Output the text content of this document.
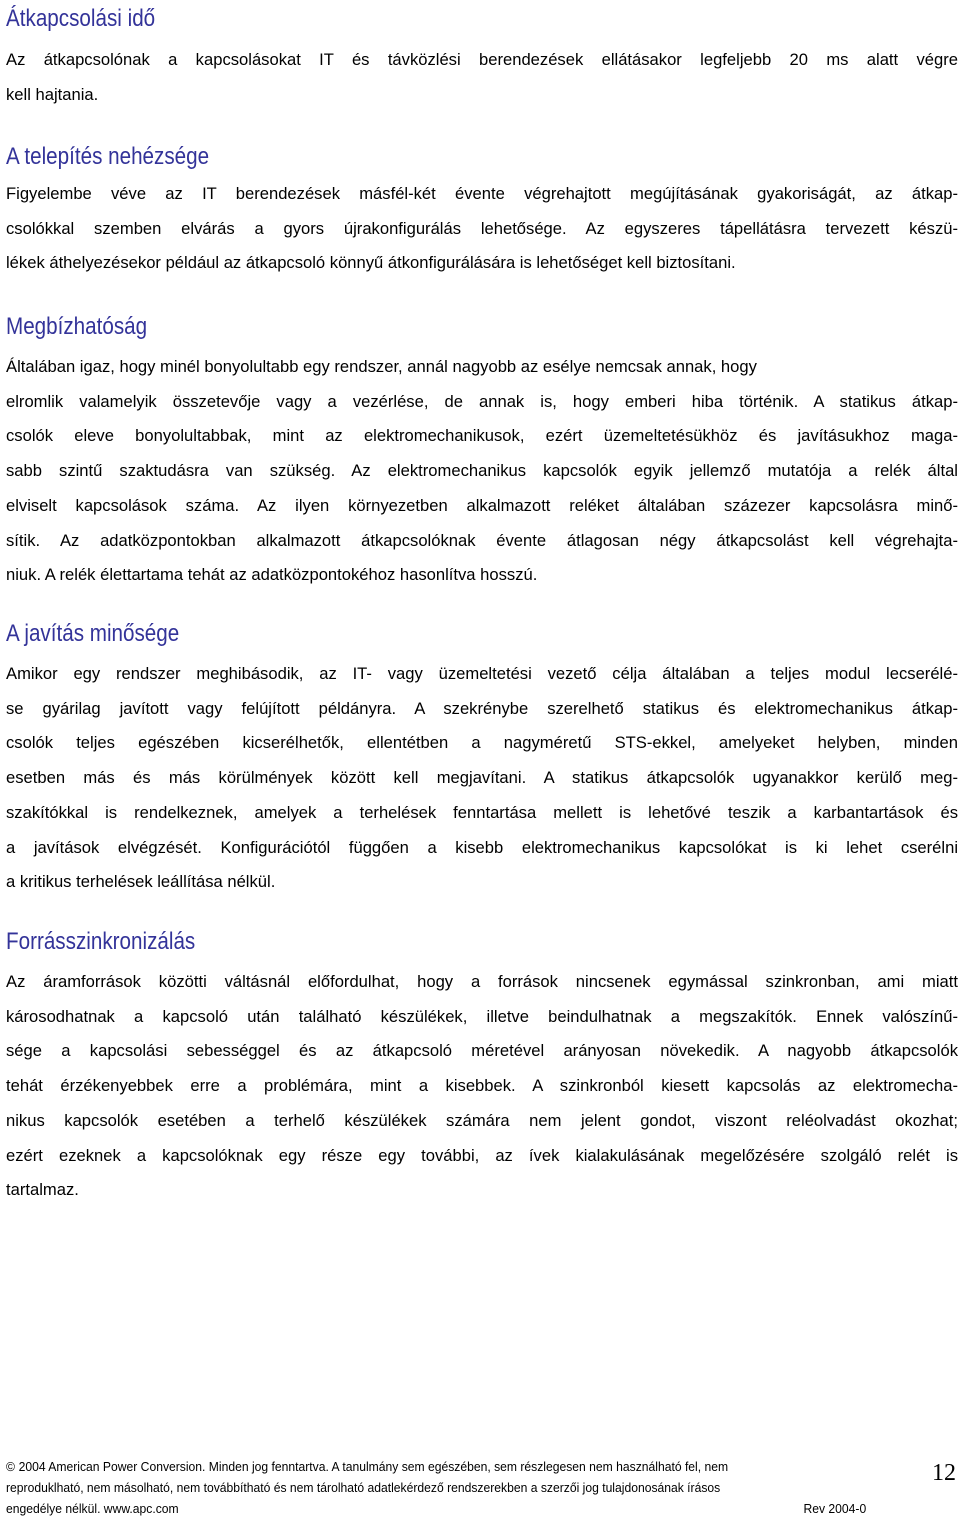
Átkapcsolási idő
Az átkapcsolónak a kapcsolásokat IT és távközlési berendezések ellátásakor legfeljebb 20 ms alatt végre
kell hajtania.
A telepítés nehézsége
Figyelembe véve az IT berendezések másfél-két évente végrehajtott megújításának gyakoriságát, az átkap-
csolókkal szemben elvárás a gyors újrakonfigurálás lehetősége. Az egyszeres tápellátásra tervezett készü-
lékek áthelyezésekor például az átkapcsoló könnyű átkonfigurálására is lehetőséget kell biztosítani.
Megbízhatóság
Általában igaz, hogy minél bonyolultabb egy rendszer, annál nagyobb az esélye nemcsak annak, hogy
elromlik valamelyik összetevője vagy a vezérlése, de annak is, hogy emberi hiba történik. A statikus átkap-
csolók eleve bonyolultabbak, mint az elektromechanikusok, ezért üzemeltetésükhöz és javításukhoz maga-
sabb szintű szaktudásra van szükség. Az elektromechanikus kapcsolók egyik jellemző mutatója a relék által
elviselt kapcsolások száma. Az ilyen környezetben alkalmazott reléket általában százezer kapcsolásra minő-
sítik. Az adatközpontokban alkalmazott átkapcsolóknak évente átlagosan négy átkapcsolást kell végrehajta-
niuk. A relék élettartama tehát az adatközpontokéhoz hasonlítva hosszú.
A javítás minősége
Amikor egy rendszer meghibásodik, az IT- vagy üzemeltetési vezető célja általában a teljes modul lecserélé-
se gyárilag javított vagy felújított példányra. A szekrénybe szerelhető statikus és elektromechanikus átkap-
csolók teljes egészében kicserélhetők, ellentétben a nagyméretű STS-ekkel, amelyeket helyben, minden
esetben más és más körülmények között kell megjavítani. A statikus átkapcsolók ugyanakkor kerülő meg-
szakítókkal is rendelkeznek, amelyek a terhelések fenntartása mellett is lehetővé teszik a karbantartások és
a javítások elvégzését. Konfigurációtól függően a kisebb elektromechanikus kapcsolókat is ki lehet cserélni
a kritikus terhelések leállítása nélkül.
Forrásszinkronizálás
Az áramforrások közötti váltásnál előfordulhat, hogy a források nincsenek egymással szinkronban, ami miatt
károsodhatnak a kapcsoló után található készülékek, illetve beindulhatnak a megszakítók. Ennek valószínű-
sége a kapcsolási sebességgel és az átkapcsoló méretével arányosan növekedik. A nagyobb átkapcsolók
tehát érzékenyebbek erre a problémára, mint a kisebbek. A szinkronból kiesett kapcsolás az elektromecha-
nikus kapcsolók esetében a terhelő készülékek számára nem jelent gondot, viszont reléolvadást okozhat;
ezért ezeknek a kapcsolóknak egy része egy további, az ívek kialakulásának megelőzésére szolgáló relét is
tartalmaz.
© 2004 American Power Conversion. Minden jog fenntartva. A tanulmány sem egészében, sem részlegesen nem használható fel, nem
reproduklható, nem másolható, nem továbbítható és nem tárolható adatlekérdező rendszerekben a szerzői jog tulajdonosának írásos
engedélye nélkül. www.apc.com	Rev 2004-0
12
